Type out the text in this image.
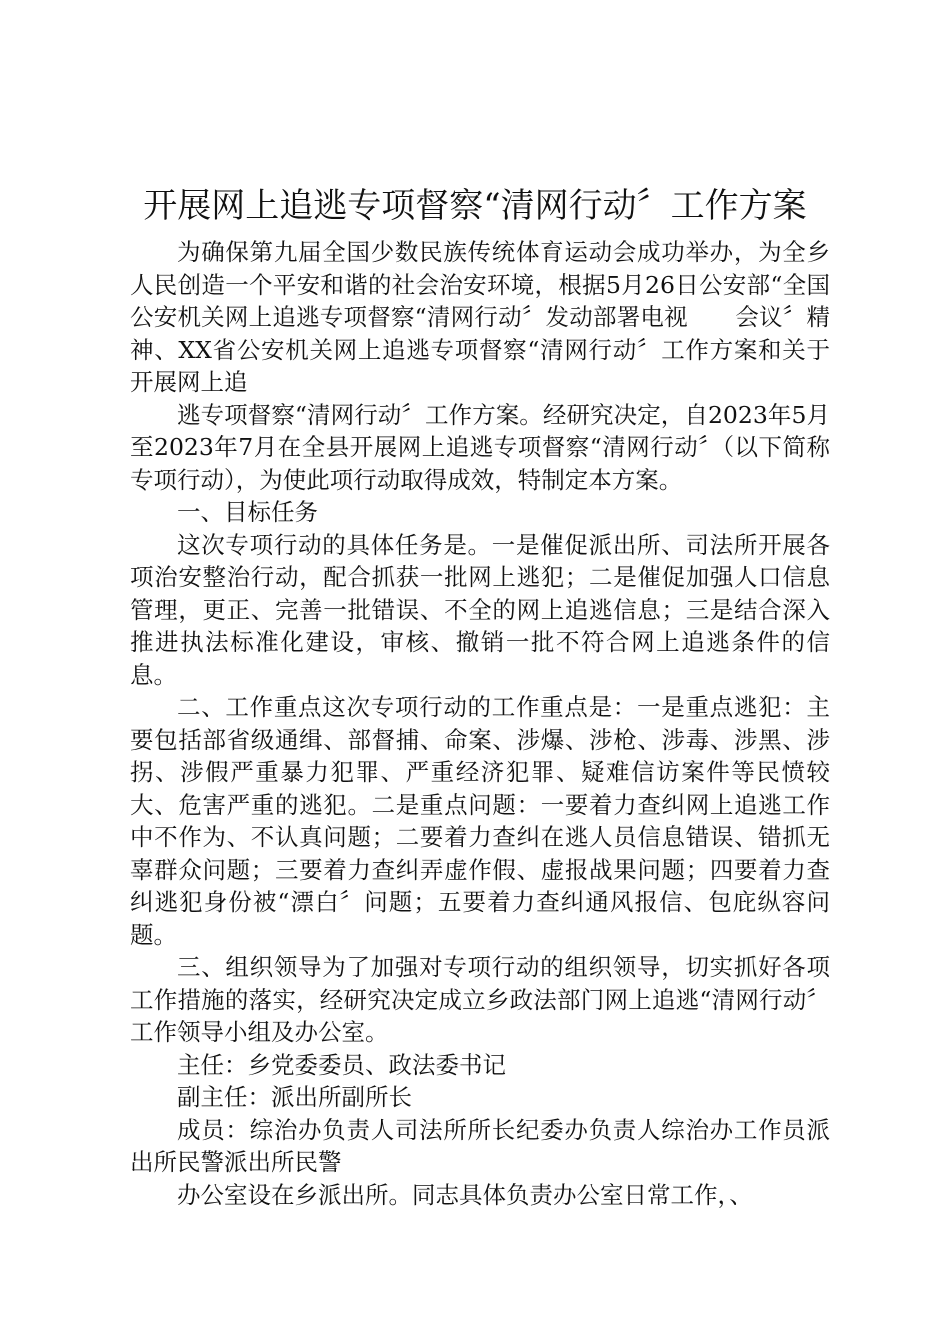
开展网上追逃专项督察“清网行动〞工作方案

为确保第九届全国少数民族传统体育运动会成功举办，为全乡人民创造一个平安和谐的社会治安环境，根据5月26日公安部“全国公安机关网上追逃专项督察“清网行动〞发动部署电视　　会议〞精神、XX省公安机关网上追逃专项督察“清网行动〞工作方案和关于开展网上追

逃专项督察“清网行动〞工作方案。经研究决定，自2023年5月至2023年7月在全县开展网上追逃专项督察“清网行动〞（以下简称专项行动），为使此项行动取得成效，特制定本方案。

一、目标任务

这次专项行动的具体任务是。一是催促派出所、司法所开展各项治安整治行动，配合抓获一批网上逃犯；二是催促加强人口信息管理，更正、完善一批错误、不全的网上追逃信息；三是结合深入推进执法标准化建设，审核、撤销一批不符合网上追逃条件的信息。

二、工作重点这次专项行动的工作重点是：一是重点逃犯：主要包括部省级通缉、部督捕、命案、涉爆、涉枪、涉毒、涉黑、涉拐、涉假严重暴力犯罪、严重经济犯罪、疑难信访案件等民愤较大、危害严重的逃犯。二是重点问题：一要着力查纠网上追逃工作中不作为、不认真问题；二要着力查纠在逃人员信息错误、错抓无辜群众问题；三要着力查纠弄虚作假、虚报战果问题；四要着力查纠逃犯身份被“漂白〞问题；五要着力查纠通风报信、包庇纵容问题。

三、组织领导为了加强对专项行动的组织领导，切实抓好各项工作措施的落实，经研究决定成立乡政法部门网上追逃“清网行动〞工作领导小组及办公室。

主任：乡党委委员、政法委书记

副主任：派出所副所长

成员：综治办负责人司法所所长纪委办负责人综治办工作员派出所民警派出所民警

办公室设在乡派出所。同志具体负责办公室日常工作，、
